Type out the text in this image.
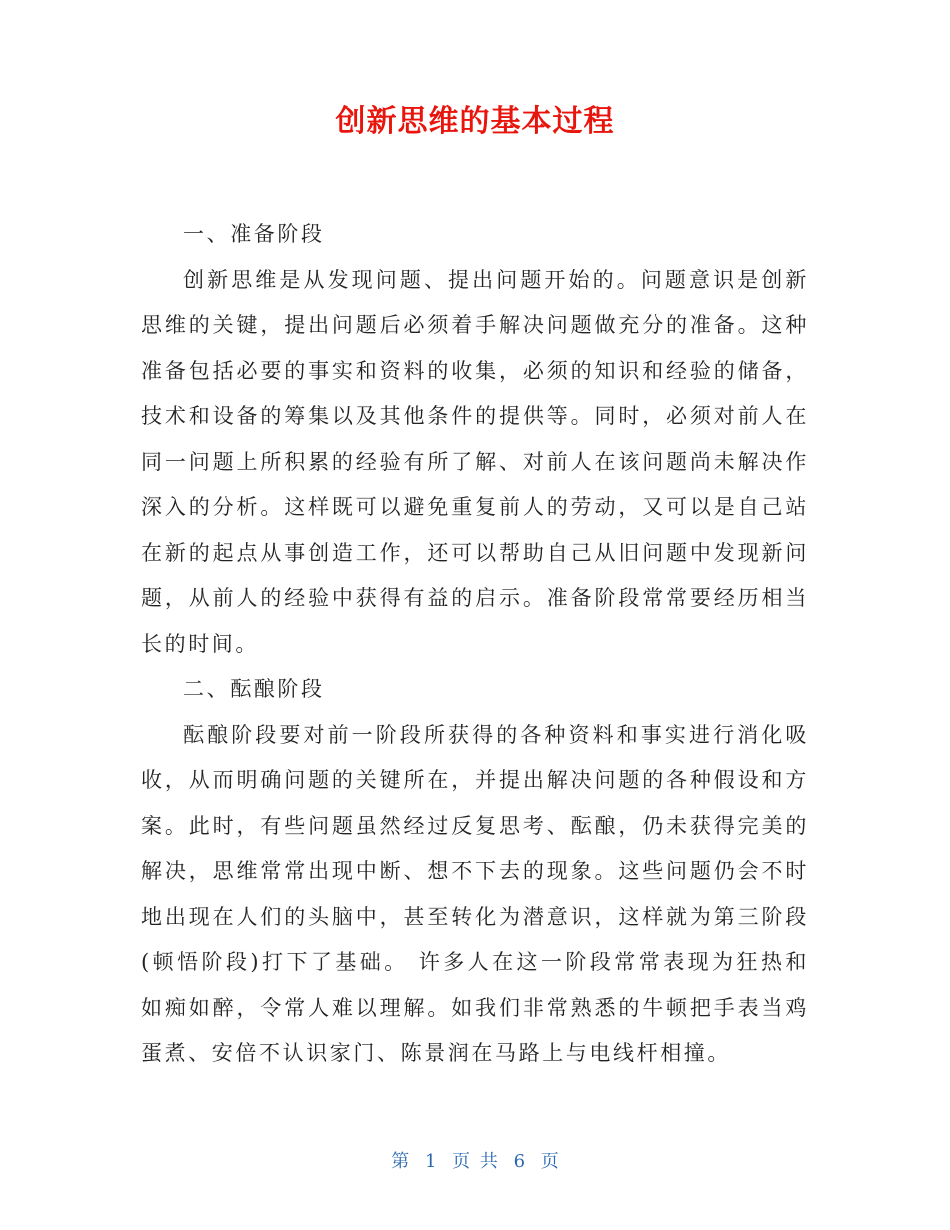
创新思维的基本过程

一、准备阶段

创新思维是从发现问题、提出问题开始的。问题意识是创新思维的关键，提出问题后必须着手解决问题做充分的准备。这种准备包括必要的事实和资料的收集，必须的知识和经验的储备，技术和设备的筹集以及其他条件的提供等。同时，必须对前人在同一问题上所积累的经验有所了解、对前人在该问题尚未解决作深入的分析。这样既可以避免重复前人的劳动，又可以是自己站在新的起点从事创造工作，还可以帮助自己从旧问题中发现新问题，从前人的经验中获得有益的启示。准备阶段常常要经历相当长的时间。

二、酝酿阶段

酝酿阶段要对前一阶段所获得的各种资料和事实进行消化吸收，从而明确问题的关键所在，并提出解决问题的各种假设和方案。此时，有些问题虽然经过反复思考、酝酿，仍未获得完美的解决，思维常常出现中断、想不下去的现象。这些问题仍会不时地出现在人们的头脑中，甚至转化为潜意识，这样就为第三阶段(顿悟阶段)打下了基础。 许多人在这一阶段常常表现为狂热和如痴如醉，令常人难以理解。如我们非常熟悉的牛顿把手表当鸡蛋煮、安倍不认识家门、陈景润在马路上与电线杆相撞。

第 1 页 共 6 页
